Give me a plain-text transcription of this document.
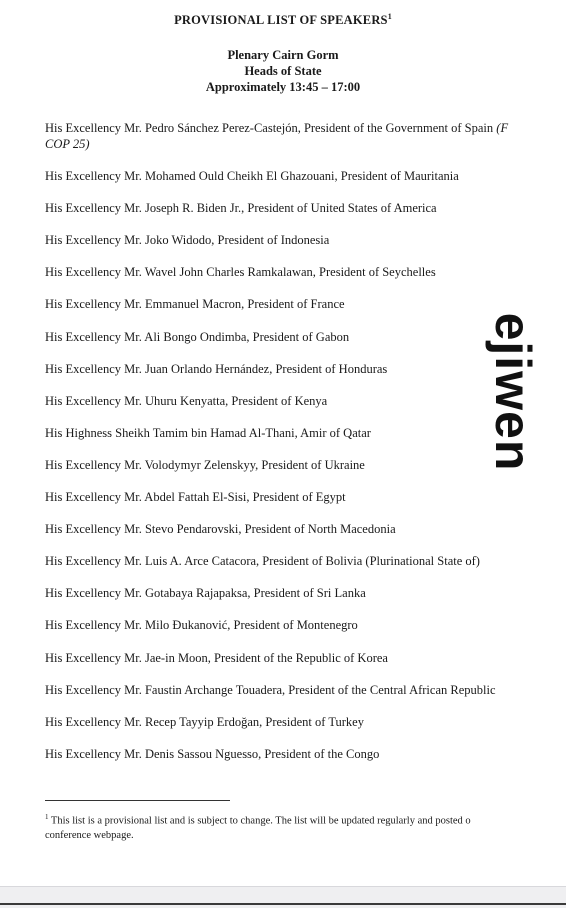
PROVISIONAL LIST OF SPEAKERS$^1$
Plenary Cairn Gorm
Heads of State
Approximately 13:45 – 17:00
His Excellency Mr. Pedro Sánchez Perez-Castejón, President of the Government of Spain (F
COP 25)
His Excellency Mr. Mohamed Ould Cheikh El Ghazouani, President of Mauritania
His Excellency Mr. Joseph R. Biden Jr., President of United States of America
His Excellency Mr. Joko Widodo, President of Indonesia
His Excellency Mr. Wavel John Charles Ramkalawan, President of Seychelles
His Excellency Mr. Emmanuel Macron, President of France
His Excellency Mr. Ali Bongo Ondimba, President of Gabon
His Excellency Mr. Juan Orlando Hernández, President of Honduras
His Excellency Mr. Uhuru Kenyatta, President of Kenya
His Highness Sheikh Tamim bin Hamad Al-Thani, Amir of Qatar
His Excellency Mr. Volodymyr Zelenskyy, President of Ukraine
His Excellency Mr. Abdel Fattah El-Sisi, President of Egypt
His Excellency Mr. Stevo Pendarovski, President of North Macedonia
His Excellency Mr. Luis A. Arce Catacora, President of Bolivia (Plurinational State of)
His Excellency Mr. Gotabaya Rajapaksa, President of Sri Lanka
His Excellency Mr. Milo Đukanović, President of Montenegro
His Excellency Mr. Jae-in Moon, President of the Republic of Korea
His Excellency Mr. Faustin Archange Touadera, President of the Central African Republic
His Excellency Mr. Recep Tayyip Erdoğan, President of Turkey
His Excellency Mr. Denis Sassou Nguesso, President of the Congo
ejiwen
$^1$ This list is a provisional list and is subject to change. The list will be updated regularly and posted o
conference webpage.
